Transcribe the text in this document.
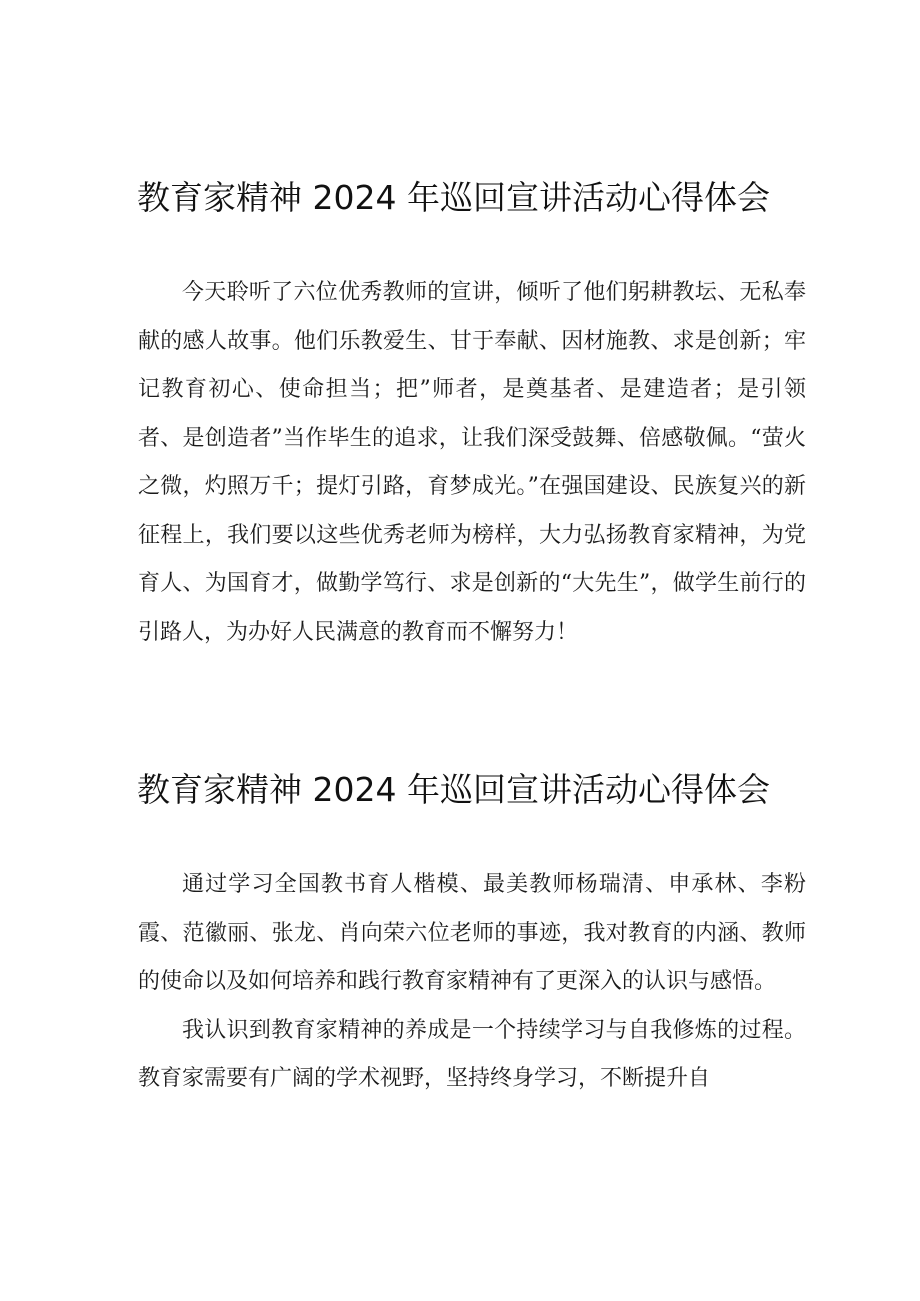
教育家精神 2024 年巡回宣讲活动心得体会

今天聆听了六位优秀教师的宣讲，倾听了他们躬耕教坛、无私奉献的感人故事。他们乐教爱生、甘于奉献、因材施教、求是创新；牢记教育初心、使命担当；把”师者，是奠基者、是建造者；是引领者、是创造者”当作毕生的追求，让我们深受鼓舞、倍感敬佩。“萤火之微，灼照万千；提灯引路，育梦成光。”在强国建设、民族复兴的新征程上，我们要以这些优秀老师为榜样，大力弘扬教育家精神，为党育人、为国育才，做勤学笃行、求是创新的“大先生”，做学生前行的引路人，为办好人民满意的教育而不懈努力！

教育家精神 2024 年巡回宣讲活动心得体会

通过学习全国教书育人楷模、最美教师杨瑞清、申承林、李粉霞、范徽丽、张龙、肖向荣六位老师的事迹，我对教育的内涵、教师的使命以及如何培养和践行教育家精神有了更深入的认识与感悟。

我认识到教育家精神的养成是一个持续学习与自我修炼的过程。教育家需要有广阔的学术视野，坚持终身学习，不断提升自
